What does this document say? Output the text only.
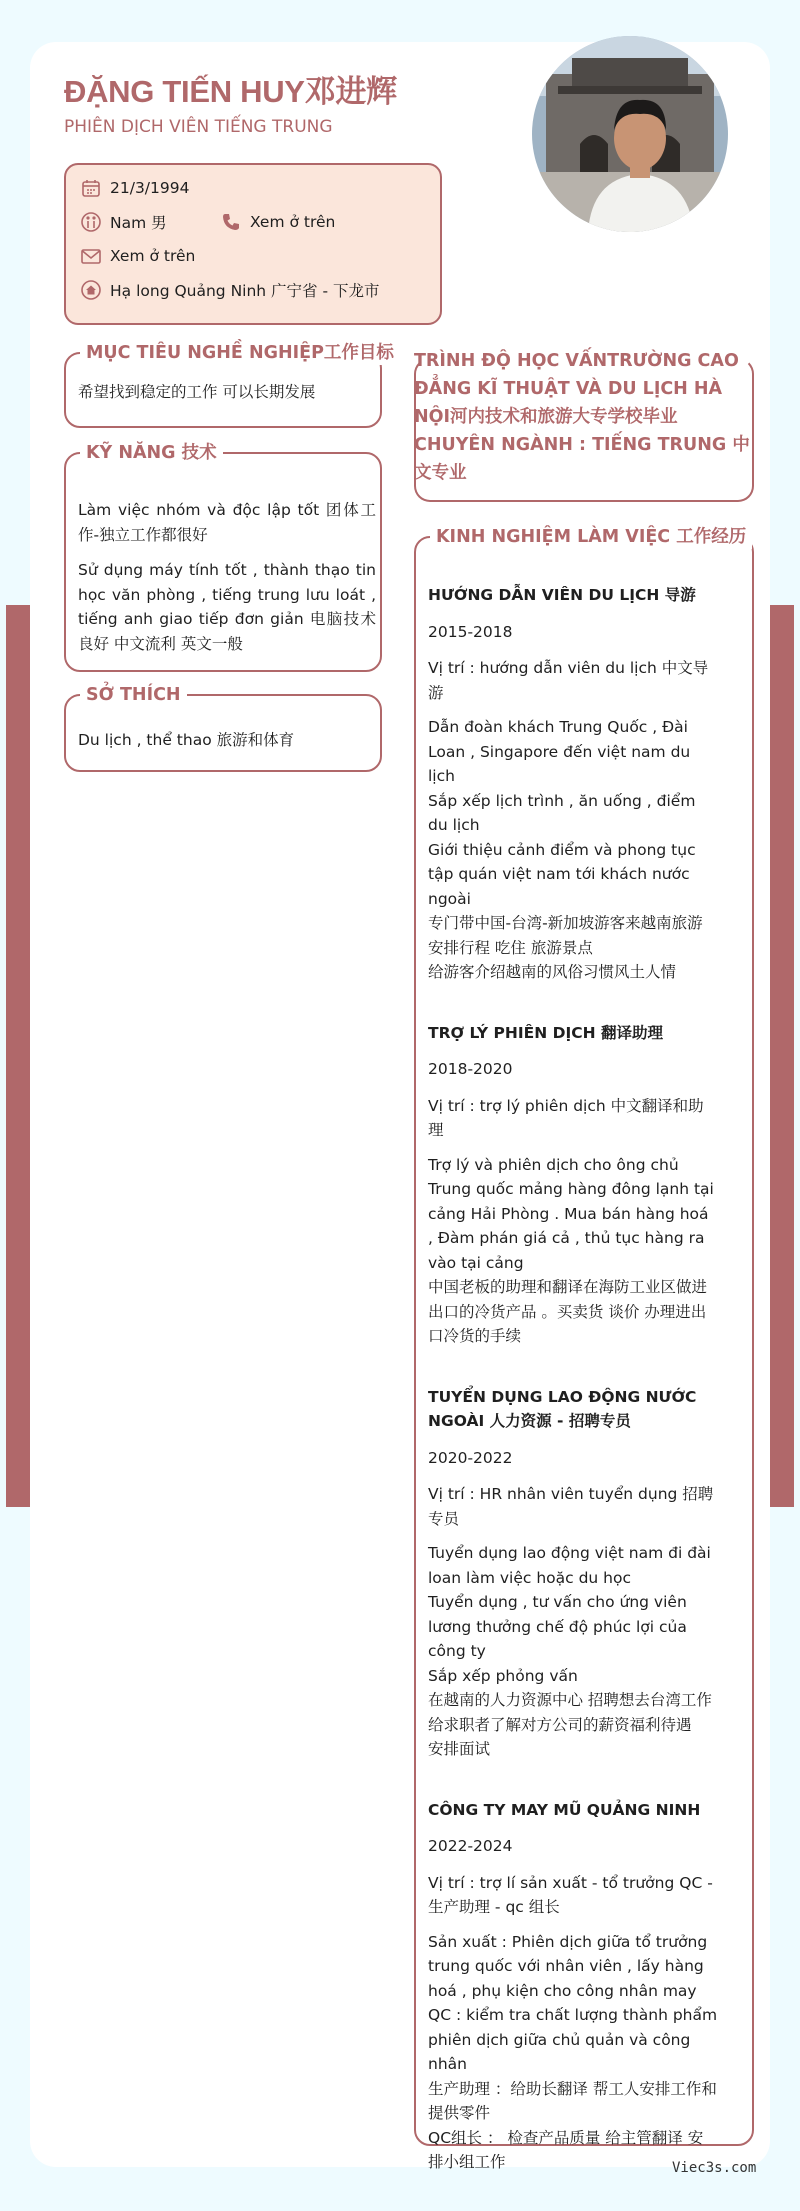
ĐẶNG TIẾN HUY邓进辉
PHIÊN DỊCH VIÊN TIẾNG TRUNG
21/3/1994
Nam 男	Xem ở trên
Xem ở trên
Hạ long Quảng Ninh 广宁省 - 下龙市
MỤC TIÊU NGHỀ NGHIỆP工作目标
希望找到稳定的工作 可以长期发展
KỸ NĂNG 技术
Làm việc nhóm và độc lập tốt 团体工作-独立工作都很好
Sử dụng máy tính tốt , thành thạo tin học văn phòng , tiếng trung lưu loát , tiếng anh giao tiếp đơn giản 电脑技术良好 中文流利 英文一般
SỞ THÍCH
Du lịch , thể thao 旅游和体育
TRÌNH ĐỘ HỌC VẤNTRƯỜNG CAO ĐẲNG KĨ THUẬT VÀ DU LỊCH HÀ NỘI河内技术和旅游大专学校毕业 CHUYÊN NGÀNH : TIẾNG TRUNG 中文专业
KINH NGHIỆM LÀM VIỆC 工作经历
HƯỚNG DẪN VIÊN DU LỊCH 导游
2015-2018
Vị trí : hướng dẫn viên du lịch 中文导游
Dẫn đoàn khách Trung Quốc , Đài Loan , Singapore đến việt nam du lịch
Sắp xếp lịch trình , ăn uống , điểm du lịch
Giới thiệu cảnh điểm và phong tục tập quán việt nam tới khách nước ngoài
专门带中国-台湾-新加坡游客来越南旅游
安排行程 吃住 旅游景点
给游客介绍越南的风俗习惯风土人情
TRỢ LÝ PHIÊN DỊCH 翻译助理
2018-2020
Vị trí : trợ lý phiên dịch 中文翻译和助理
Trợ lý và phiên dịch cho ông chủ Trung quốc mảng hàng đông lạnh tại cảng Hải Phòng . Mua bán hàng hoá , Đàm phán giá cả , thủ tục hàng ra vào tại cảng
中国老板的助理和翻译在海防工业区做进出口的冷货产品 。买卖货 谈价 办理进出口冷货的手续
TUYỂN DỤNG LAO ĐỘNG NƯỚC NGOÀI 人力资源 - 招聘专员
2020-2022
Vị trí : HR nhân viên tuyển dụng 招聘专员
Tuyển dụng lao động việt nam đi đài loan làm việc hoặc du học
Tuyển dụng , tư vấn cho ứng viên lương thưởng chế độ phúc lợi của công ty
Sắp xếp phỏng vấn
在越南的人力资源中心 招聘想去台湾工作
给求职者了解对方公司的薪资福利待遇
安排面试
CÔNG TY MAY MŨ QUẢNG NINH
2022-2024
Vị trí : trợ lí sản xuất - tổ trưởng QC - 生产助理 - qc 组长
Sản xuất : Phiên dịch giữa tổ trưởng trung quốc với nhân viên , lấy hàng hoá , phụ kiện cho công nhân may
QC : kiểm tra chất lượng thành phẩm phiên dịch giữa chủ quản và công nhân
生产助理 ：给助长翻译 帮工人安排工作和提供零件
QC组长 ： 检查产品质量 给主管翻译 安排小组工作	Viec3s.com
